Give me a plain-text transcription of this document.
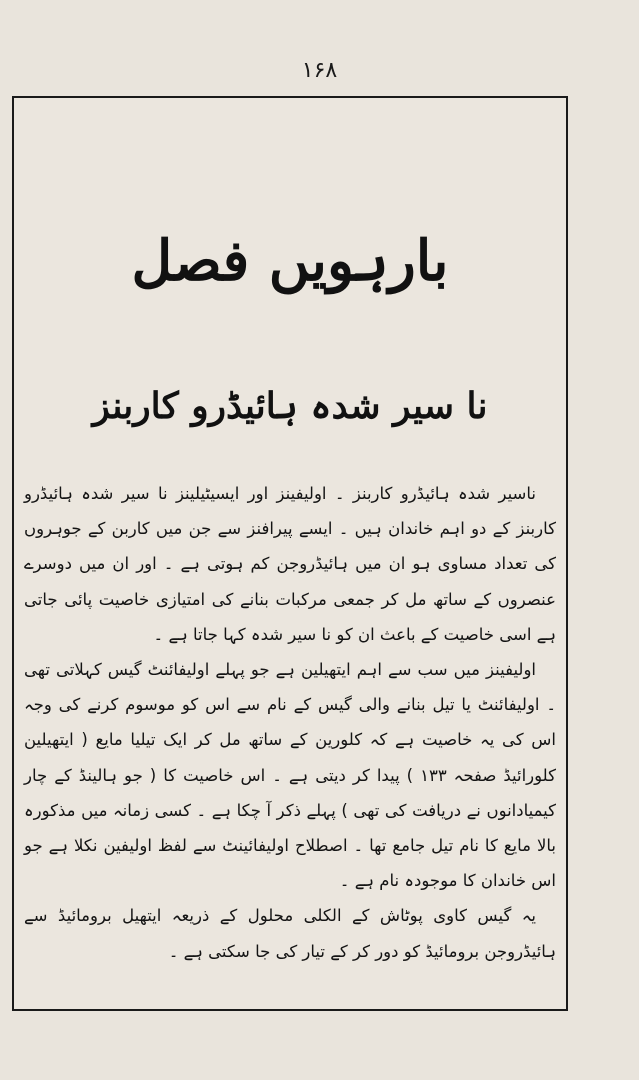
۱۶۸
بارہویں فصل
نا سیر شدہ ہائیڈرو کاربنز

ناسیر شدہ ہائیڈرو کاربنز ۔ اولیفینز اور ایسیٹیلینز نا سیر شدہ ہائیڈرو کاربنز کے دو اہم خاندان ہیں ۔ ایسے پیرافنز سے جن میں کاربن کے جوہروں کی تعداد مساوی ہو ان میں ہائیڈروجن کم ہوتی ہے ۔ اور ان میں دوسرے عنصروں کے ساتھ مل کر جمعی مرکبات بنانے کی امتیازی خاصیت پائی جاتی ہے اسی خاصیت کے باعث ان کو نا سیر شدہ کہا جاتا ہے ۔

اولیفینز میں سب سے اہم ایتھیلین ہے جو پہلے اولیفائنٹ گیس کہلاتی تھی ۔ اولیفائنٹ یا تیل بنانے والی گیس کے نام سے اس کو موسوم کرنے کی وجہ اس کی یہ خاصیت ہے کہ کلورین کے ساتھ مل کر ایک تیلیا مایع ( ایتھیلین کلورائیڈ صفحہ ۱۳۳ ) پیدا کر دیتی ہے ۔ اس خاصیت کا ( جو ہالینڈ کے چار کیمیادانوں نے دریافت کی تھی ) پہلے ذکر آ چکا ہے ۔ کسی زمانہ میں مذکورہ بالا مایع کا نام تیل جامع تھا ۔ اصطلاح اولیفائینٹ سے لفظ اولیفین نکلا ہے جو اس خاندان کا موجودہ نام ہے ۔

یہ گیس کاوی پوٹاش کے الکلی محلول کے ذریعہ ایتھیل برومائیڈ سے ہائیڈروجن برومائیڈ کو دور کر کے تیار کی جا سکتی ہے ۔
